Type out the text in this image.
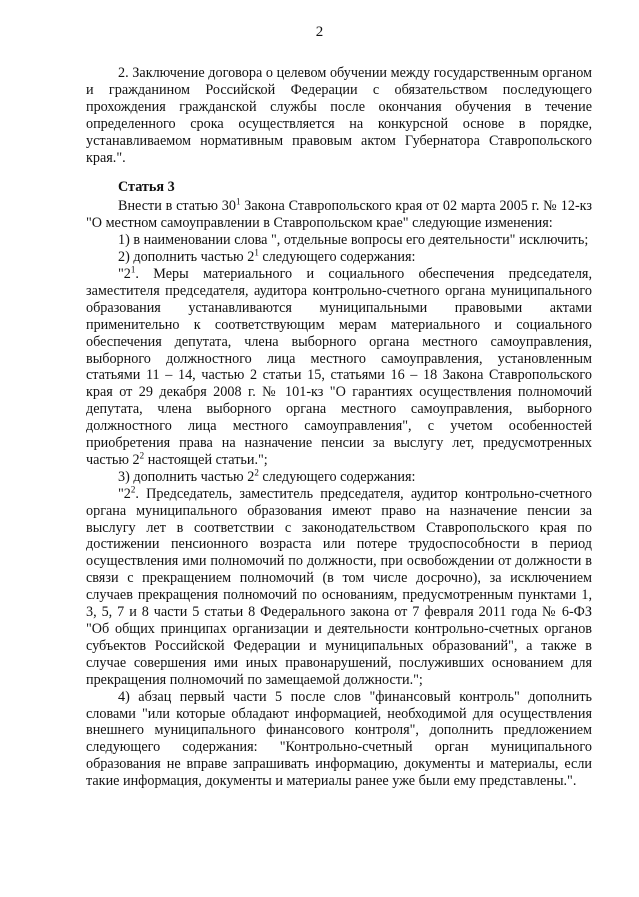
2

2. Заключение договора о целевом обучении между государственным органом и гражданином Российской Федерации с обязательством последующего прохождения гражданской службы после окончания обучения в течение определенного срока осуществляется на конкурсной основе в порядке, устанавливаемом нормативным правовым актом Губернатора Ставропольского края.".

Статья 3

Внести в статью $30^1$ Закона Ставропольского края от 02 марта 2005 г. № 12-кз "О местном самоуправлении в Ставропольском крае" следующие изменения:

1) в наименовании слова ", отдельные вопросы его деятельности" исключить;

2) дополнить частью $2^1$ следующего содержания:

"$2^1$. Меры материального и социального обеспечения председателя, заместителя председателя, аудитора контрольно-счетного органа муниципального образования устанавливаются муниципальными правовыми актами применительно к соответствующим мерам материального и социального обеспечения депутата, члена выборного органа местного самоуправления, выборного должностного лица местного самоуправления, установленным статьями 11 – 14, частью 2 статьи 15, статьями 16 – 18 Закона Ставропольского края от 29 декабря 2008 г. № 101-кз "О гарантиях осуществления полномочий депутата, члена выборного органа местного самоуправления, выборного должностного лица местного самоуправления", с учетом особенностей приобретения права на назначение пенсии за выслугу лет, предусмотренных частью $2^2$ настоящей статьи.";

3) дополнить частью $2^2$ следующего содержания:

"$2^2$. Председатель, заместитель председателя, аудитор контрольно-счетного органа муниципального образования имеют право на назначение пенсии за выслугу лет в соответствии с законодательством Ставропольского края по достижении пенсионного возраста или потере трудоспособности в период осуществления ими полномочий по должности, при освобождении от должности в связи с прекращением полномочий (в том числе досрочно), за исключением случаев прекращения полномочий по основаниям, предусмотренным пунктами 1, 3, 5, 7 и 8 части 5 статьи 8 Федерального закона от 7 февраля 2011 года № 6-ФЗ "Об общих принципах организации и деятельности контрольно-счетных органов субъектов Российской Федерации и муниципальных образований", а также в случае совершения ими иных правонарушений, послуживших основанием для прекращения полномочий по замещаемой должности.";

4) абзац первый части 5 после слов "финансовый контроль" дополнить словами "или которые обладают информацией, необходимой для осуществления внешнего муниципального финансового контроля", дополнить предложением следующего содержания: "Контрольно-счетный орган муниципального образования не вправе запрашивать информацию, документы и материалы, если такие информация, документы и материалы ранее уже были ему представлены.".
